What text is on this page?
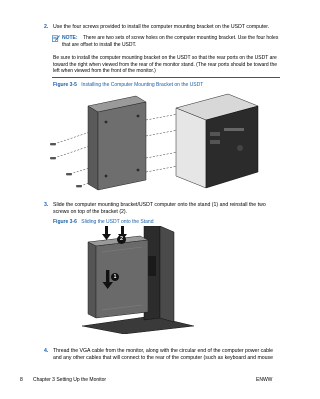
2. Use the four screws provided to install the computer mounting bracket on the USDT computer.
NOTE: There are two sets of screw holes on the computer mounting bracket. Use the four holes that are offset to install the USDT.
Be sure to install the computer mounting bracket on the USDT so that the rear ports on the USDT are toward the right when viewed from the rear of the monitor stand. (The rear ports should be toward the left when viewed from the front of the monitor.)
Figure 3-5 Installing the Computer Mounting Bracket on the USDT
3. Slide the computer mounting bracket/USDT computer onto the stand (1) and reinstall the two screws on top of the bracket (2).
Figure 3-6 Sliding the USDT onto the Stand
2
1
4. Thread the VGA cable from the monitor, along with the circular end of the computer power cable and any other cables that will connect to the rear of the computer (such as keyboard and mouse
8 Chapter 3 Setting Up the Monitor	ENWW
